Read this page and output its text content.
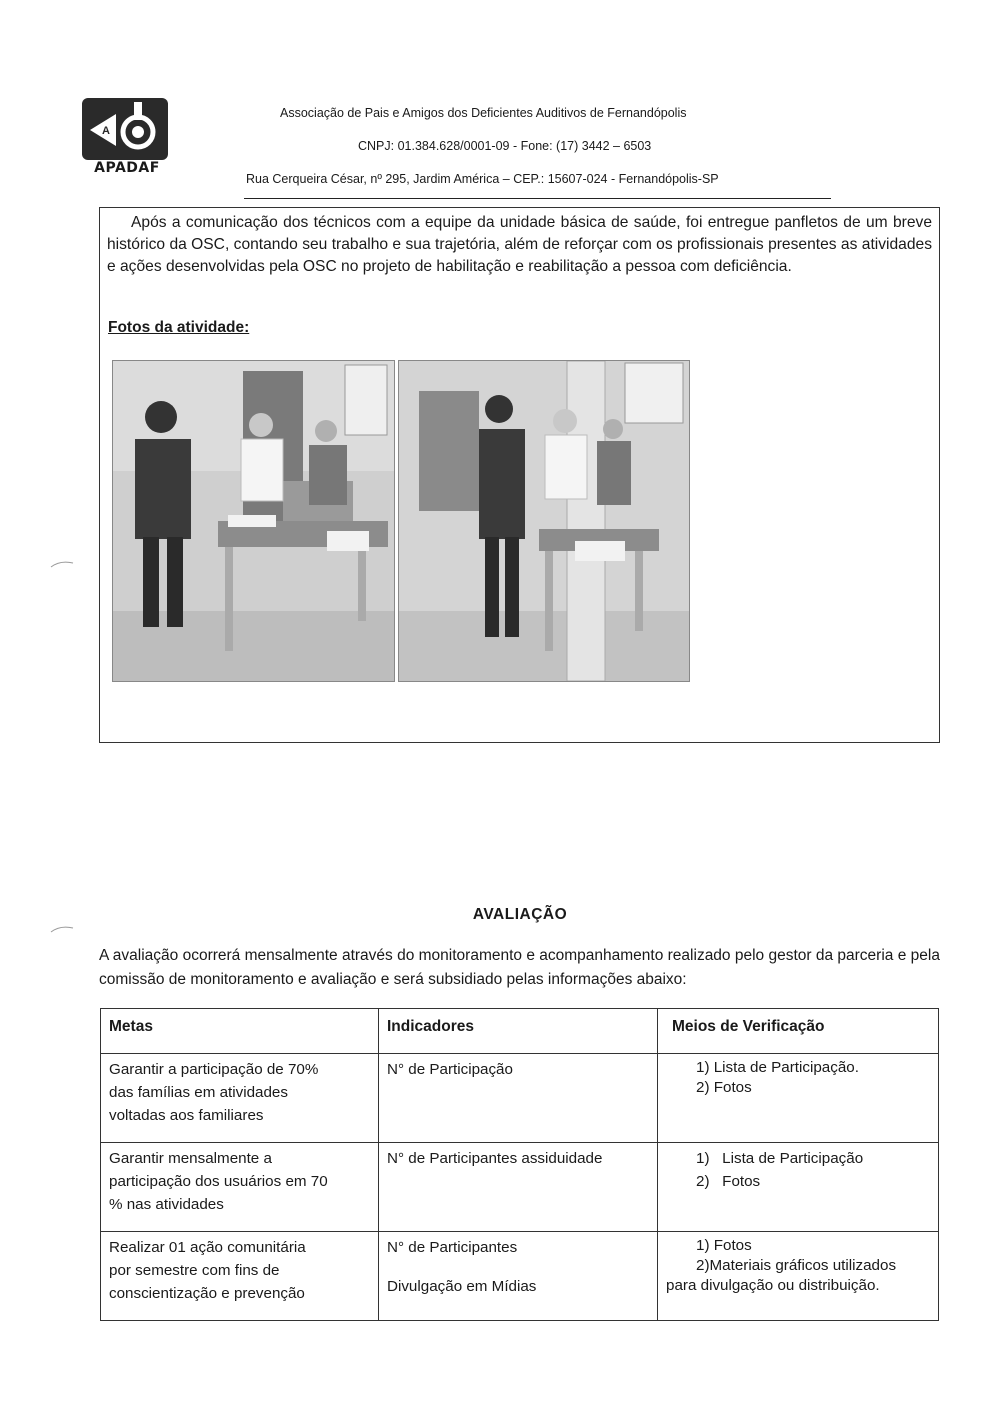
A
APADAF
Associação de Pais e Amigos dos Deficientes Auditivos de Fernandópolis
CNPJ: 01.384.628/0001-09 - Fone: (17) 3442 – 6503
Rua Cerqueira César, nº 295, Jardim América – CEP.: 15607-024 - Fernandópolis-SP

Após a comunicação dos técnicos com a equipe da unidade básica de saúde, foi entregue panfletos de um breve histórico da OSC, contando seu trabalho e sua trajetória, além de reforçar com os profissionais presentes as atividades e ações desenvolvidas pela OSC no projeto de habilitação e reabilitação a pessoa com deficiência.

Fotos da atividade:
AVALIAÇÃO

A avaliação ocorrerá mensalmente através do monitoramento e acompanhamento realizado pelo gestor da parceria e pela comissão de monitoramento e avaliação e será subsidiado pelas informações abaixo:

Metas	Indicadores	Meios de Verificação

Garantir a participação de 70%
das famílias em atividades
voltadas aos familiares	N° de Participação	1) Lista de Participação.
2) Fotos

Garantir mensalmente a
participação dos usuários em 70
% nas atividades	N° de Participantes assiduidade	1)   Lista de Participação
2)   Fotos

Realizar 01 ação comunitária
por semestre com fins de
conscientização e prevenção	N° de Participantes
Divulgação em Mídias	1) Fotos
2)Materiais gráficos utilizados
para divulgação ou distribuição.
